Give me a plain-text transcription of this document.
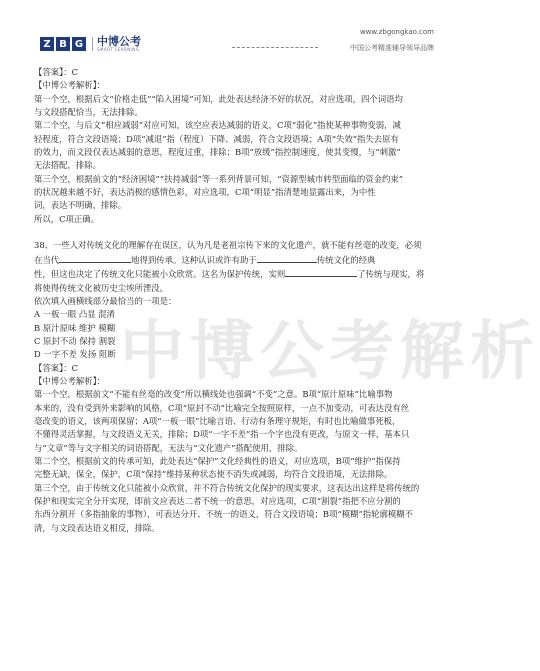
Z B G 中博公考
SMART LEARNING
www.zbgongkao.com
中国公考精准辅导领导品牌

【答案】：C

【中博公考解析】：

第一个空，根据后文“价格走低”“陷入困境”可知，此处表达经济不好的状况，对应选项，四个词语均

与文段搭配恰当，无法排除。

第二个空，与后文“相应减弱”对应可知，该空应表达减弱的语义，C项“弱化”指使某种事物变弱，减

轻程度，符合文段语境；D项“减退”指（程度）下降、减弱，符合文段语境；A项“失效”指失去原有

的效力，而文段仅表达减弱的意思，程度过重，排除；B项“放缓”指控制速度，使其变慢，与“刺激”

无法搭配，排除。

第三个空，根据前文的“经济困境”“扶持减弱”等一系列背景可知，“资源型城市转型面临的资金约束”

的状况越来越不好，表达消极的感情色彩，对应选项，C项“明显”指清楚地显露出来，为中性

词，表达不明确，排除。

所以，C项正确。

38、一些人对传统文化的理解存在误区，认为凡是老祖宗传下来的文化遗产，就不能有丝毫的改变，必须

在当代	地得到传承。这种认识或许有助于	传统文化的经典

性，但这也决定了传统文化只能被小众欣赏。这名为保护传统，实则	了传统与现实，将

将使得传统文化被历史尘埃所湮没。

依次填入画横线部分最恰当的一项是：

A 一板一眼 凸显 混淆

B 原汁原味 维护 模糊

C 原封不动 保持 割裂

D 一字不差 发扬 阻断

【答案】：C

【中博公考解析】：

第一个空，根据前文“不能有丝毫的改变”所以横线处也强调“不变”之意。B项“原汁原味”比喻事物

本来的，没有受到外来影响的风格，C项“原封不动”比喻完全按照原样，一点不加变动，可表达没有丝

毫改变的语义，该两项保留；A项“一板一眼”比喻言语、行动有条理守规矩，有时也比喻做事死板，

不懂得灵活掌握，与文段语义无关，排除；D项“一字不差”指一个字也没有更改，与原文一样，基本只

与“文章”等与文字相关的词语搭配，无法与“文化遗产”搭配使用，排除。

第二个空，根据前文的传承可知，此处表达“保护”文化经典性的语义，对应选项，B项“维护”指保持

完整无缺，保全，保护，C项“保持”维持某种状态使不消失或减弱，均符合文段语境，无法排除。

第三个空，由于传统文化只能被小众欣赏，并不符合传统文化保护的现实要求，这表达出这样是将传统的

保护和现实完全分开实现，即前文应表达二者不统一的意思，对应选项，C项“割裂”指把不应分割的

东西分割开（多指抽象的事物），可表达分开、不统一的语义，符合文段语境；B项“模糊”指轮廓模糊不

清，与文段表达语义相反，排除。

中博公考解析
